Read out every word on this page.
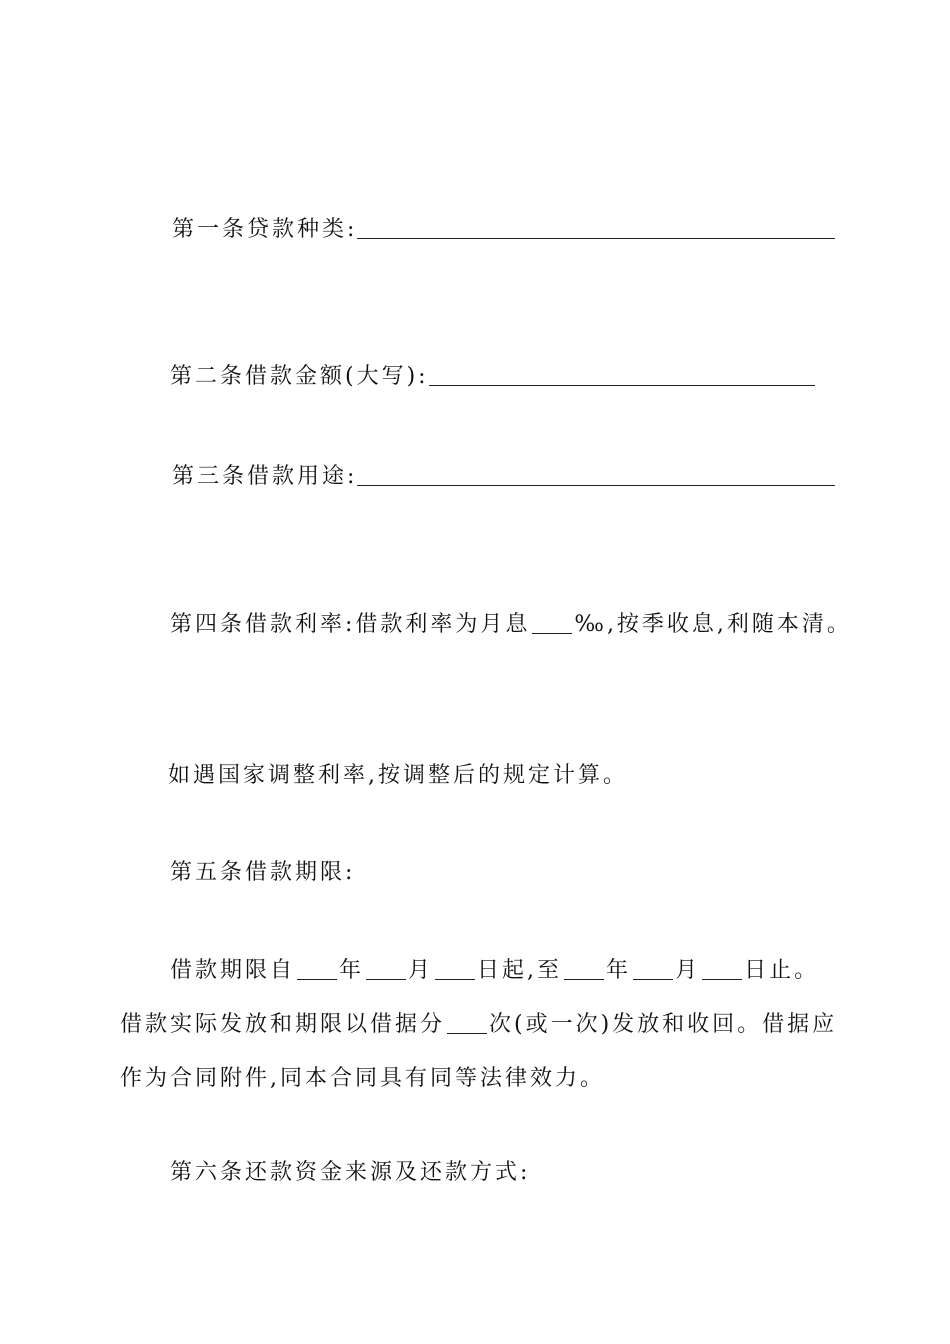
第一条贷款种类:
第二条借款金额(大写):
第三条借款用途:
第四条借款利率:借款利率为月息 ‰,按季收息,利随本清。
如遇国家调整利率,按调整后的规定计算。
第五条借款期限:
借款期限自 年 月 日起,至 年 月 日止。
借款实际发放和期限以借据分 次(或一次)发放和收回。借据应
作为合同附件,同本合同具有同等法律效力。
第六条还款资金来源及还款方式:
